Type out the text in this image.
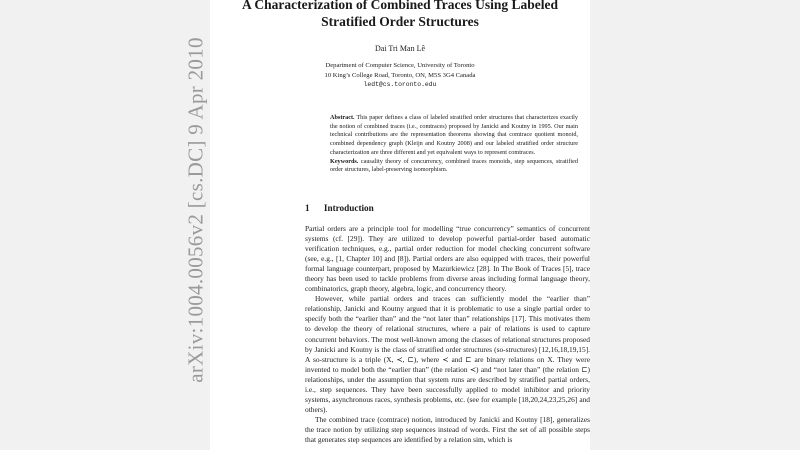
arXiv:1004.0056v2 [cs.DC] 9 Apr 2010
A Characterization of Combined Traces Using Labeled
Stratified Order Structures
Dai Tri Man Lê
Department of Computer Science, University of Toronto
10 King’s College Road, Toronto, ON, M5S 3G4 Canada
ledt@cs.toronto.edu
Abstract. This paper defines a class of labeled stratified order structures that characterizes exactly the notion of combined traces (i.e., comtraces) proposed by Janicki and Koutny in 1995. Our main technical contributions are the representation theorems showing that comtrace quotient monoid, combined dependency graph (Kleijn and Koutny 2008) and our labeled stratified order structure characterization are three different and yet equivalent ways to represent comtraces.
Keywords. causality theory of concurrency, combined traces monoids, step sequences, stratified order structures, label-preserving isomorphism.
1 Introduction

Partial orders are a principle tool for modelling “true concurrency” semantics of concurrent systems (cf. [29]). They are utilized to develop powerful partial-order based automatic verification techniques, e.g., partial order reduction for model checking concurrent software (see, e.g., [1, Chapter 10] and [8]). Partial orders are also equipped with traces, their powerful formal language counterpart, proposed by Mazurkiewicz [28]. In The Book of Traces [5], trace theory has been used to tackle problems from diverse areas including formal language theory, combinatorics, graph theory, algebra, logic, and concurrency theory.

However, while partial orders and traces can sufficiently model the “earlier than” relationship, Janicki and Koutny argued that it is problematic to use a single partial order to specify both the “earlier than” and the “not later than” relationships [17]. This motivates them to develop the theory of relational structures, where a pair of relations is used to capture concurrent behaviors. The most well-known among the classes of relational structures proposed by Janicki and Koutny is the class of stratified order structures (so-structures) [12,16,18,19,15]. A so-structure is a triple (X, ≺, ⊏), where ≺ and ⊏ are binary relations on X. They were invented to model both the “earlier than” (the relation ≺) and “not later than” (the relation ⊏) relationships, under the assumption that system runs are described by stratified partial orders, i.e., step sequences. They have been successfully applied to model inhibitor and priority systems, asynchronous races, synthesis problems, etc. (see for example [18,20,24,23,25,26] and others).

The combined trace (comtrace) notion, introduced by Janicki and Koutny [18], generalizes the trace notion by utilizing step sequences instead of words. First the set of all possible steps that generates step sequences are identified by a relation sim, which is
